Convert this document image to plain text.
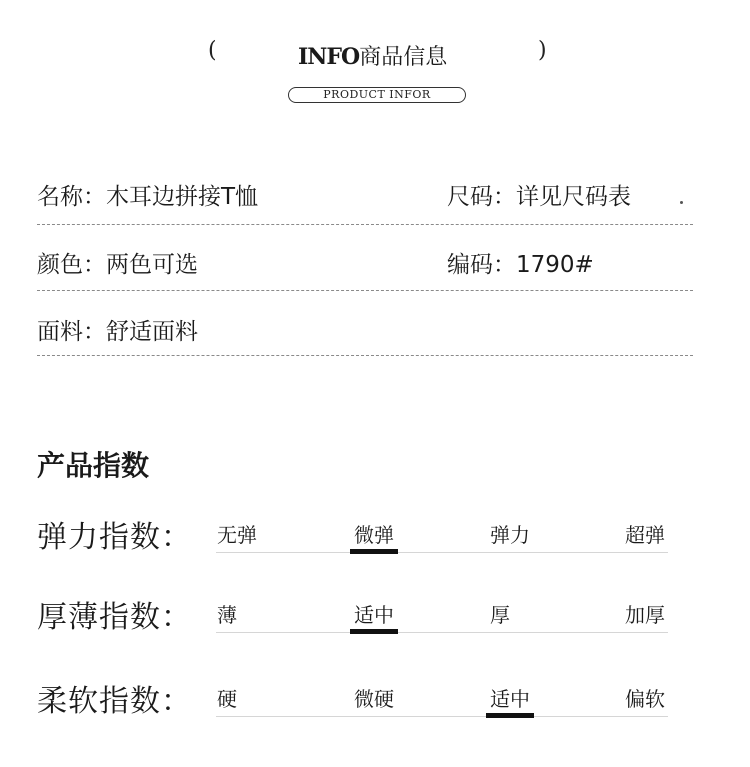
(	INFO商品信息	)
PRODUCT INFOR
名称：木耳边拼接T恤	尺码：详见尺码表
颜色：两色可选	编码：1790#
面料：舒适面料
产品指数
弹力指数： 无弹	微弹	弹力	超弹
厚薄指数： 薄	适中	厚	加厚
柔软指数： 硬	微硬	适中	偏软
